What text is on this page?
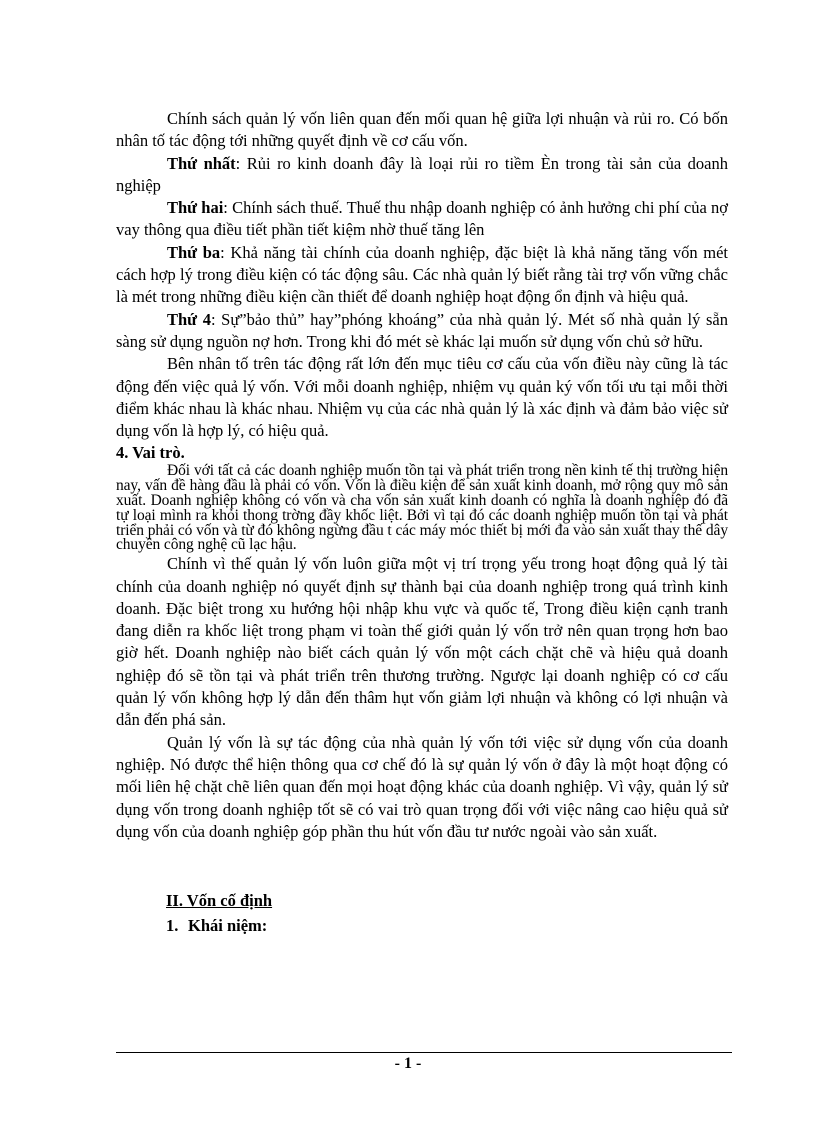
Chính sách quản lý vốn liên quan đến mối quan hệ giữa lợi nhuận và rủi ro. Có bốn nhân tố tác động tới những quyết định về cơ cấu vốn.

Thứ nhất: Rủi ro kinh doanh đây là loại rủi ro tiềm Èn trong tài sản của doanh nghiệp

Thứ hai: Chính sách thuế. Thuế thu nhập doanh nghiệp có ảnh hưởng chi phí của nợ vay thông qua điều tiết phần tiết kiệm nhờ thuế tăng lên

Thứ ba: Khả năng tài chính của doanh nghiệp, đặc biệt là khả năng tăng vốn mét cách hợp lý trong điều kiện có tác động sâu. Các nhà quản lý biết rằng tài trợ vốn vững chắc là mét trong những điều kiện cần thiết để doanh nghiệp hoạt động ổn định và hiệu quả.

Thứ 4: Sự”bảo thủ” hay”phóng khoáng” của nhà quản lý. Mét số nhà quản lý sẵn sàng sử dụng nguồn nợ hơn. Trong khi đó mét sè khác lại muốn sử dụng vốn chủ sở hữu.

Bên nhân tố trên tác động rất lớn đến mục tiêu cơ cấu của vốn điều này cũng là tác động đến việc quả lý vốn. Với mỗi doanh nghiệp, nhiệm vụ quản ký vốn tối ưu tại mỗi thời điểm khác nhau là khác nhau. Nhiệm vụ của các nhà quản lý là xác định và đảm bảo việc sử dụng vốn là hợp lý, có hiệu quả.

4. Vai trò.

Đối với tất cả các doanh nghiệp muốn tồn tại và phát triển trong nền kinh tế thị trường hiện nay, vấn đề hàng đầu là phải có vốn. Vốn là điều kiện để sản xuất kinh doanh, mở rộng quy mô sản xuất. Doanh nghiệp không có vốn và cha vốn sản xuất kinh doanh có nghĩa là doanh nghiệp đó đã tự loại mình ra khỏi thong trờng đầy khốc liệt. Bởi vì tại đó các doanh nghiệp muốn tồn tại và phát triển phải có vốn và từ đó không ngừng đầu t các máy móc thiết bị mới đa vào sản xuất thay thế dây chuyền công nghệ cũ lạc hậu.

Chính vì thế quản lý vốn luôn giữa một vị trí trọng yếu trong hoạt động quả lý tài chính của doanh nghiệp nó quyết định sự thành bại của doanh nghiệp trong quá trình kinh doanh. Đặc biệt trong xu hướng hội nhập khu vực và quốc tế, Trong điều kiện cạnh tranh đang diễn ra khốc liệt trong phạm vi toàn thế giới quản lý vốn trở nên quan trọng hơn bao giờ hết. Doanh nghiệp nào biết cách quản lý vốn một cách chặt chẽ và hiệu quả doanh nghiệp đó sẽ tồn tại và phát triển trên thương trường. Ngược lại doanh nghiệp có cơ cấu quản lý vốn không hợp lý dẫn đến thâm hụt vốn giảm lợi nhuận và không có lợi nhuận và dẫn đến phá sản.

Quản lý vốn là sự tác động của nhà quản lý vốn tới việc sử dụng vốn của doanh nghiệp. Nó được thể hiện thông qua cơ chế đó là sự quản lý vốn ở đây là một hoạt động có mối liên hệ chặt chẽ liên quan đến mọi hoạt động khác của doanh nghiệp. Vì vậy, quản lý sử dụng vốn trong doanh nghiệp tốt sẽ có vai trò quan trọng đối với việc nâng cao hiệu quả sử dụng vốn của doanh nghiệp góp phần thu hút vốn đầu tư nước ngoài vào sản xuất.

II. Vốn cố định
1. Khái niệm:
- 1 -
